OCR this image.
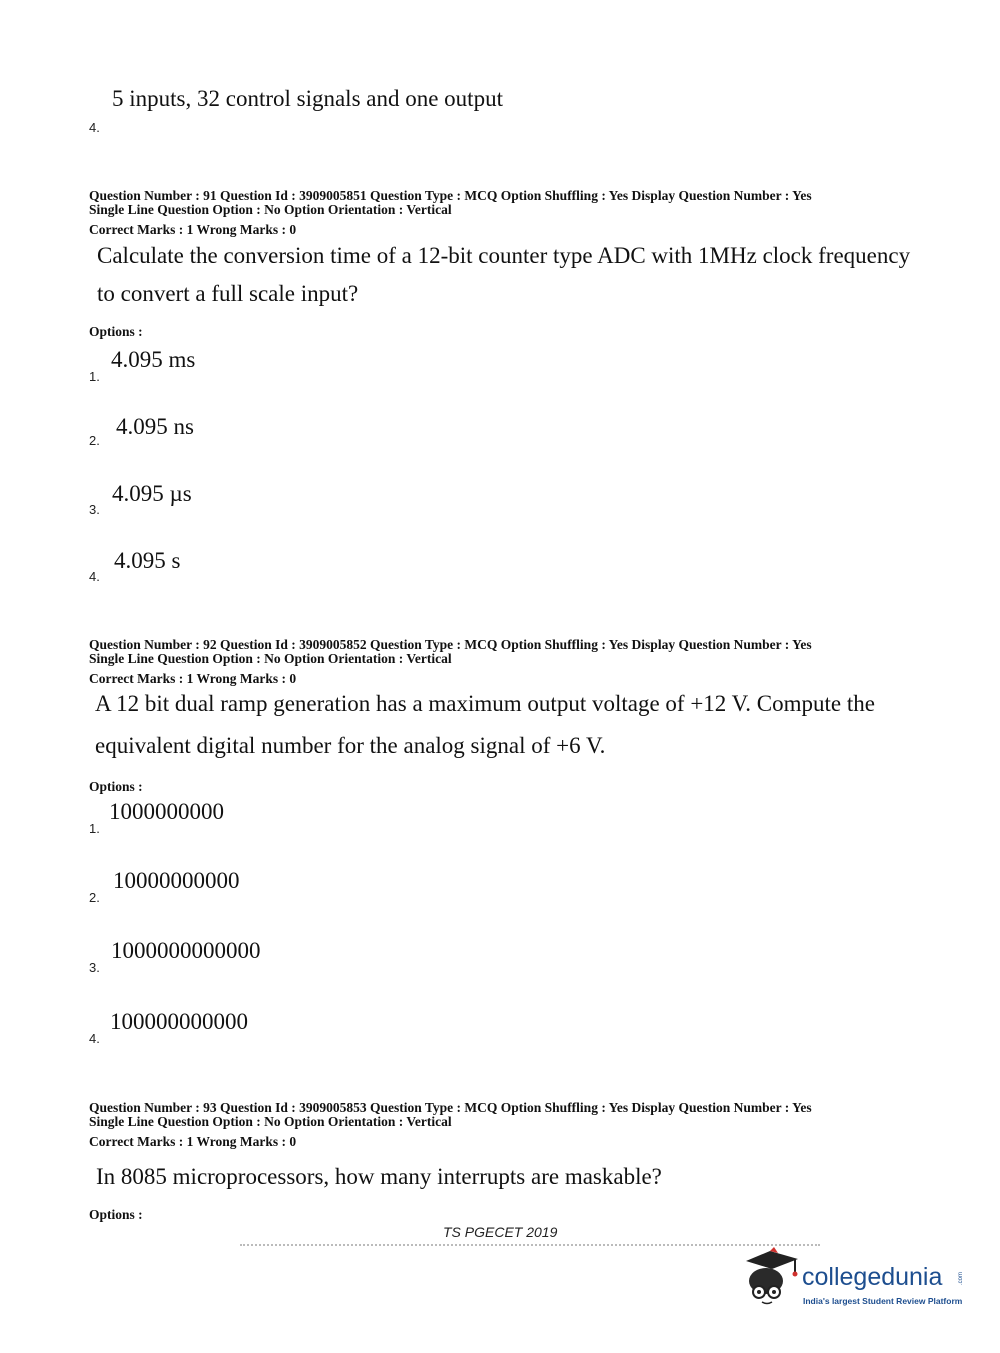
5 inputs, 32 control signals and one output
4.
Question Number : 91 Question Id : 3909005851 Question Type : MCQ Option Shuffling : Yes Display Question Number : Yes
Single Line Question Option : No Option Orientation : Vertical
Correct Marks : 1 Wrong Marks : 0
Calculate the conversion time of a 12-bit counter type ADC with 1MHz clock frequency
to convert a full scale input?
Options :
4.095 ms
1.
4.095 ns
2.
4.095 µs
3.
4.095 s
4.
Question Number : 92 Question Id : 3909005852 Question Type : MCQ Option Shuffling : Yes Display Question Number : Yes
Single Line Question Option : No Option Orientation : Vertical
Correct Marks : 1 Wrong Marks : 0
A 12 bit dual ramp generation has a maximum output voltage of +12 V. Compute the
equivalent digital number for the analog signal of +6 V.
Options :
1000000000
1.
10000000000
2.
1000000000000
3.
100000000000
4.
Question Number : 93 Question Id : 3909005853 Question Type : MCQ Option Shuffling : Yes Display Question Number : Yes
Single Line Question Option : No Option Orientation : Vertical
Correct Marks : 1 Wrong Marks : 0
In 8085 microprocessors, how many interrupts are maskable?
Options :
TS PGECET 2019
collegedunia	.com
India's largest Student Review Platform
